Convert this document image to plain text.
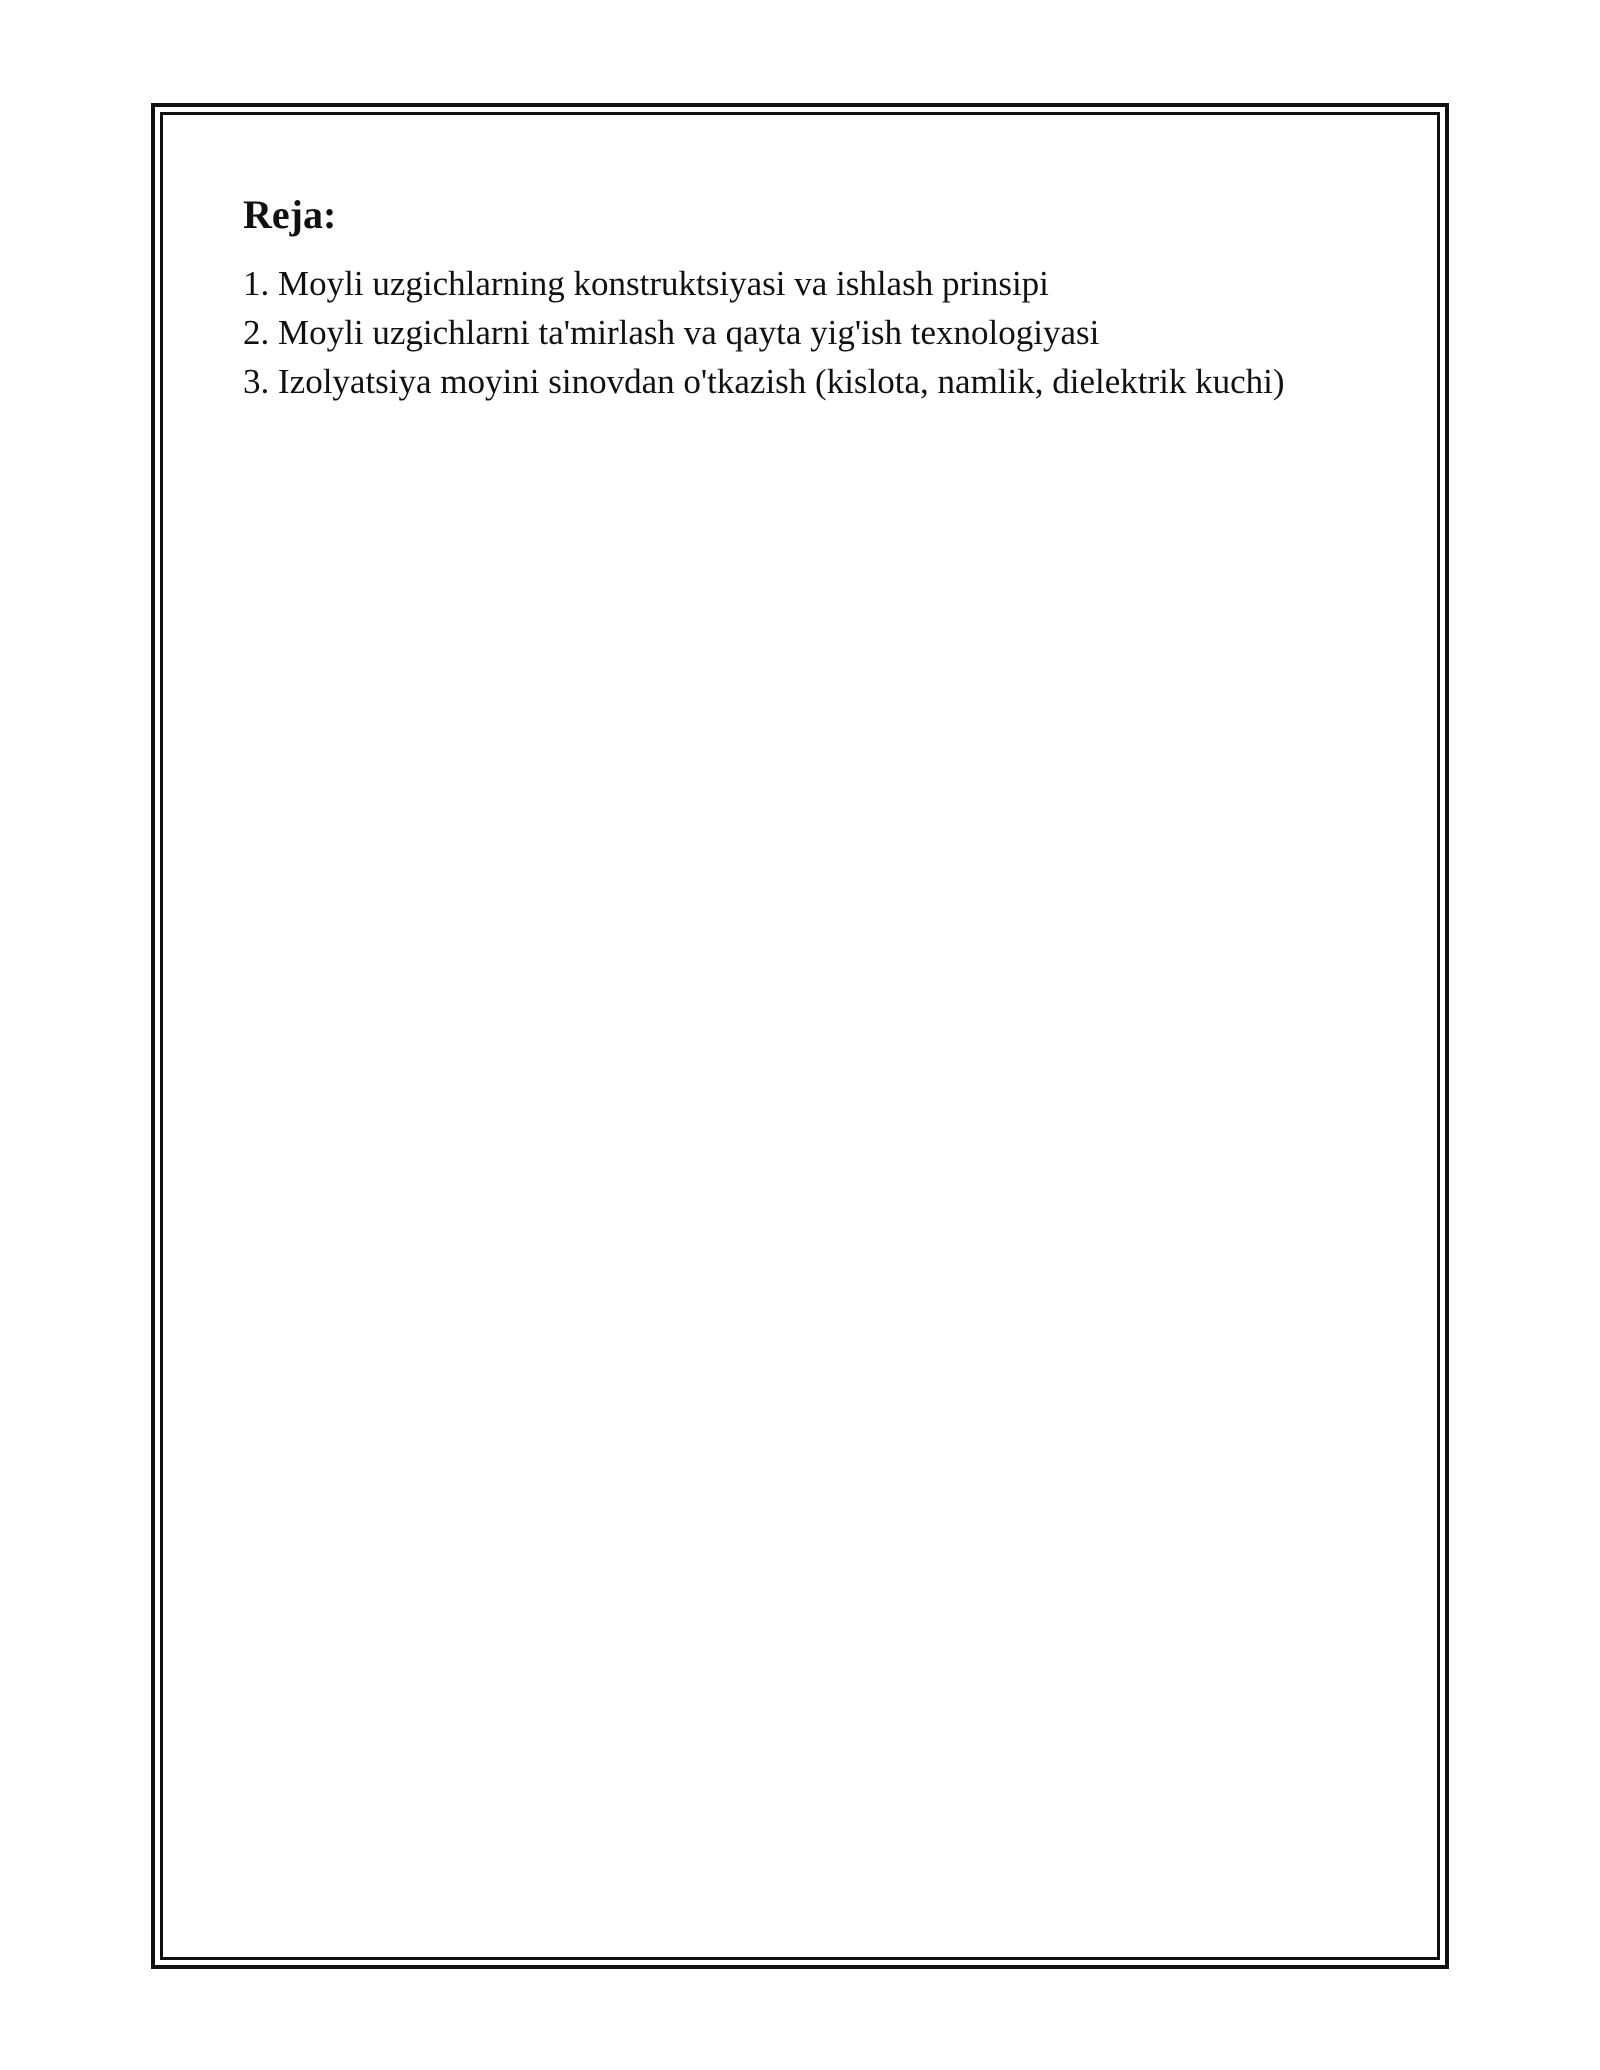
Reja:
1. Moyli uzgichlarning konstruktsiyasi va ishlash prinsipi
2. Moyli uzgichlarni ta'mirlash va qayta yig'ish texnologiyasi
3. Izolyatsiya moyini sinovdan o'tkazish (kislota, namlik, dielektrik kuchi)
